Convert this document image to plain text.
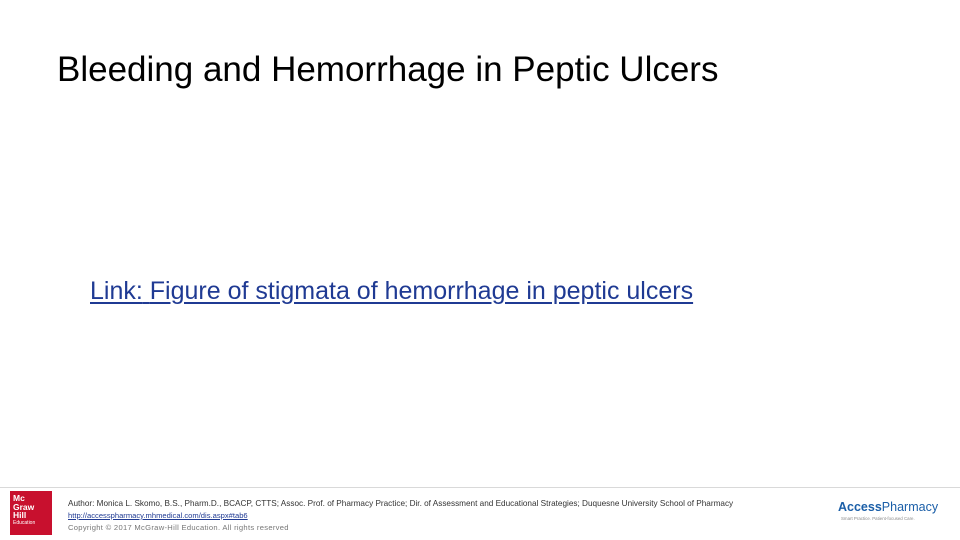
Bleeding and Hemorrhage in Peptic Ulcers
Link: Figure of stigmata of hemorrhage in peptic ulcers
Mc
Graw
Hill
Education
Author: Monica L. Skomo, B.S., Pharm.D., BCACP, CTTS; Assoc. Prof. of Pharmacy Practice; Dir. of Assessment and Educational Strategies; Duquesne University School of Pharmacy
http://accesspharmacy.mhmedical.com/dis.aspx#tab6
Copyright © 2017 McGraw-Hill Education. All rights reserved
AccessPharmacy
Smart Practice. Patient-focused Care.
